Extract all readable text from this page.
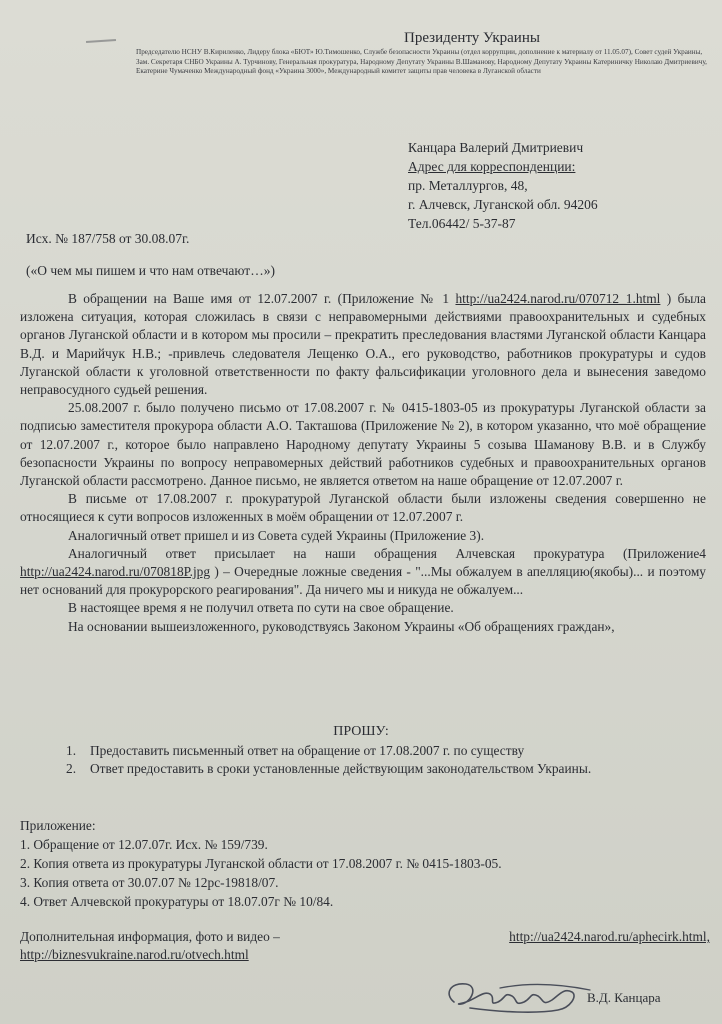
Президенту Украины

Председателю НСНУ В.Кириленко, Лидеру блока «БЮТ» Ю.Тимошенко, Службе безопасности Украины (отдел коррупции, дополнение к материалу от 11.05.07), Совет судей Украины, Зам. Секретаря СНБО Украины А. Турчинову, Генеральная прокуратура, Народному Депутату Украины В.Шаманову, Народному Депутату Украины Катериничку Николаю Дмитриевичу,

Екатерине Чумаченко Международный фонд «Украина 3000», Международный комитет защиты прав человека в Луганской области

Канцара Валерий Дмитриевич
Адрес для корреспонденции:
пр. Металлургов, 48,
г. Алчевск, Луганской обл. 94206
Тел.06442/ 5-37-87
Исх. № 187/758 от 30.08.07г.
(«О чем мы пишем и что нам отвечают…»)

В обращении на Ваше имя от 12.07.2007 г. (Приложение № 1 http://ua2424.narod.ru/070712_1.html ) была изложена ситуация, которая сложилась в связи с неправомерными действиями правоохранительных и судебных органов Луганской области и в котором мы просили – прекратить преследования властями Луганской области Канцара В.Д. и Марийчук Н.В.; -привлечь следователя Лещенко О.А., его руководство, работников прокуратуры и судов Луганской области к уголовной ответственности по факту фальсификации уголовного дела и вынесения заведомо неправосудного судьей решения.

25.08.2007 г. было получено письмо от 17.08.2007 г. № 0415-1803-05 из прокуратуры Луганской области за подписью заместителя прокурора области А.О. Такташова (Приложение № 2), в котором указанно, что моё обращение от 12.07.2007 г., которое было направлено Народному депутату Украины 5 созыва Шаманову В.В. и в Службу безопасности Украины по вопросу неправомерных действий работников судебных и правоохранительных органов Луганской области рассмотрено. Данное письмо, не является ответом на наше обращение от 12.07.2007 г.

В письме от 17.08.2007 г. прокуратурой Луганской области были изложены сведения совершенно не относящиеся к сути вопросов изложенных в моём обращении от 12.07.2007 г.

Аналогичный ответ пришел и из Совета судей Украины (Приложение 3).

Аналогичный ответ присылает на наши обращения Алчевская прокуратура (Приложение4 http://ua2424.narod.ru/070818P.jpg ) – Очередные ложные сведения - "...Мы обжалуем в апелляцию(якобы)... и поэтому нет оснований для прокурорского реагирования". Да ничего мы и никуда не обжалуем...

В настоящее время я не получил ответа по сути на свое обращение.

На основании вышеизложенного, руководствуясь Законом Украины «Об обращениях граждан»,

ПРОШУ:
1.	Предоставить письменный ответ на обращение от 17.08.2007 г. по существу
2.	Ответ предоставить в сроки установленные действующим законодательством Украины.
Приложение:
1. Обращение от 12.07.07г. Исх. № 159/739.
2. Копия ответа из прокуратуры Луганской области от 17.08.2007 г. № 0415-1803-05.
3. Копия ответа от 30.07.07 № 12рс-19818/07.
4. Ответ Алчевской прокуратуры от 18.07.07г № 10/84.
Дополнительная информация, фото и видео –	http://ua2424.narod.ru/aphecirk.html,
http://biznesvukraine.narod.ru/otvech.html
В.Д. Канцара
